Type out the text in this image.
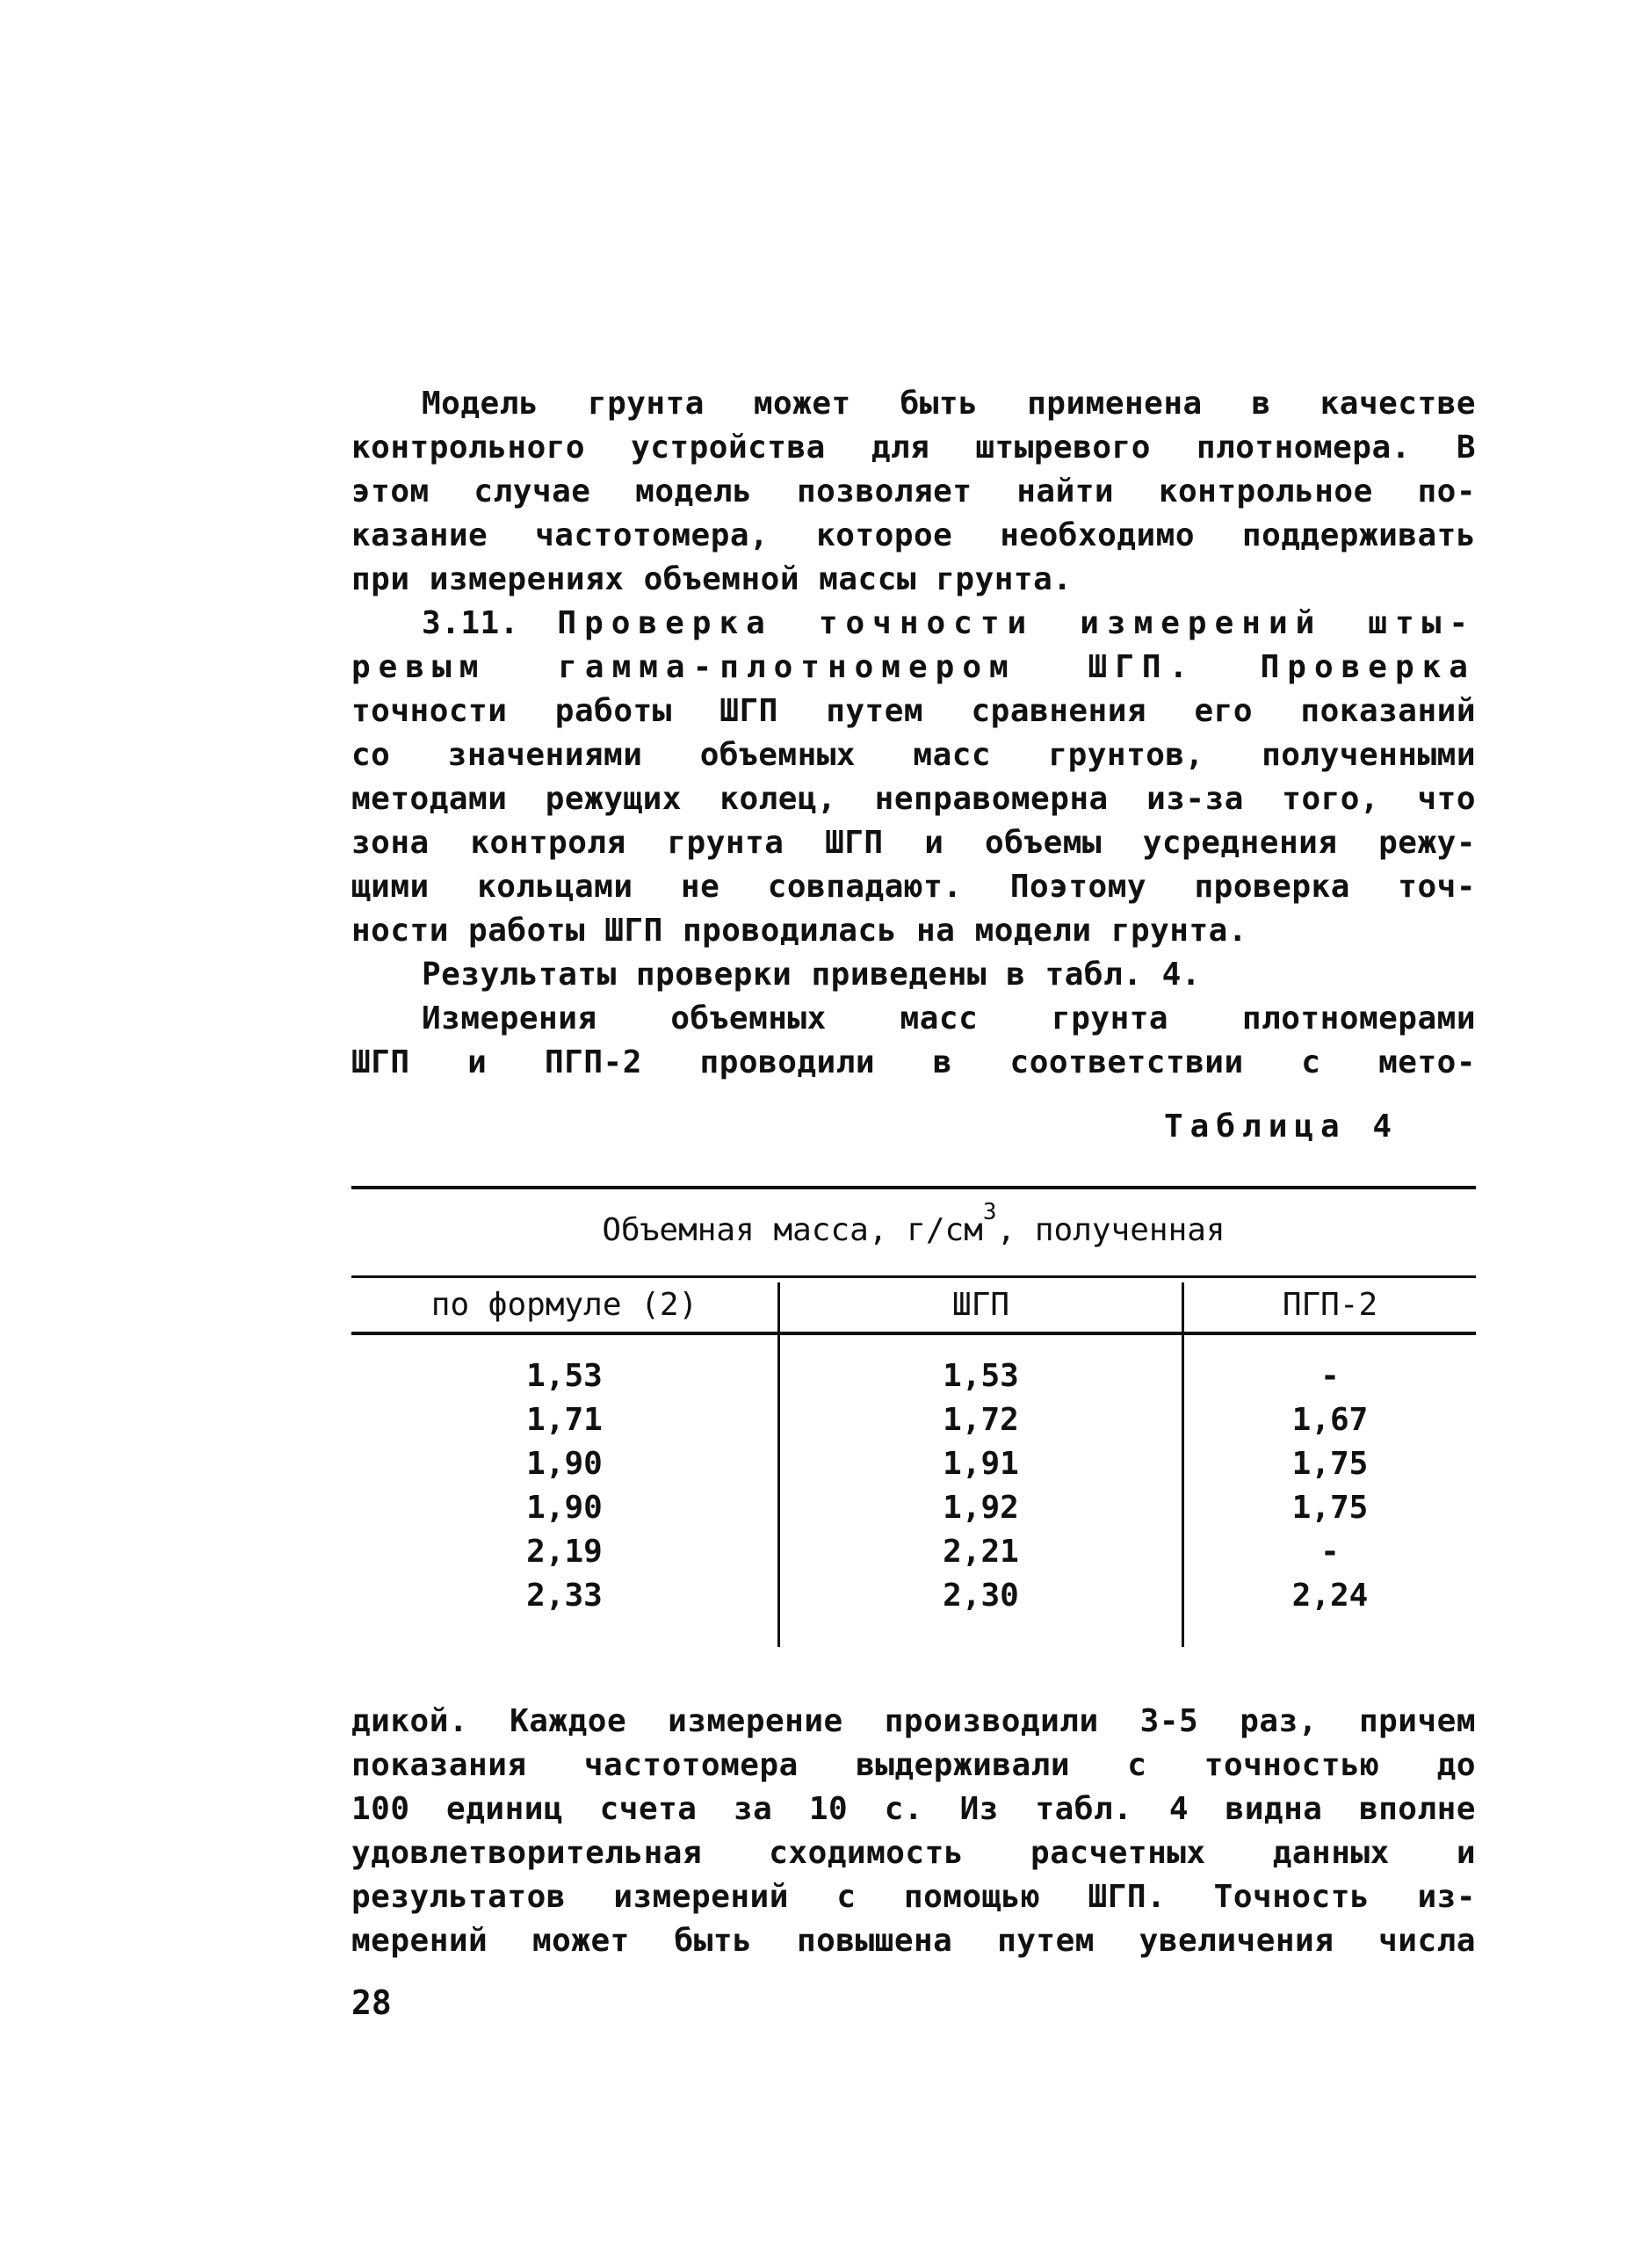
Модель грунта может быть применена в качестве
контрольного устройства для штыревого плотномера. В
этом случае модель позволяет найти контрольное по-
казание частотомера, которое необходимо поддерживать
при измерениях объемной массы грунта.
3.11. Проверка точности измерений шты-
ревым гамма-плотномером ШГП. Проверка
точности работы ШГП путем сравнения его показаний
со значениями объемных масс грунтов, полученными
методами режущих колец, неправомерна из-за того, что
зона контроля грунта ШГП и объемы усреднения режу-
щими кольцами не совпадают. Поэтому проверка точ-
ности работы ШГП проводилась на модели грунта.
Результаты проверки приведены в табл. 4.
Измерения объемных масс грунта плотномерами
ШГП и ПГП-2 проводили в соответствии с мето-
Таблица 4
Объемная масса, $г/см^3$, полученная
по формуле (2)	ШГП	ПГП-2
1,53
1,71
1,90
1,90
2,19
2,33
1,53
1,72
1,91
1,92
2,21
2,30
-
1,67
1,75
1,75
-
2,24
дикой. Каждое измерение производили 3-5 раз, причем
показания частотомера выдерживали с точностью до
100 единиц счета за 10 с. Из табл. 4 видна вполне
удовлетворительная сходимость расчетных данных и
результатов измерений с помощью ШГП. Точность из-
мерений может быть повышена путем увеличения числа
28
